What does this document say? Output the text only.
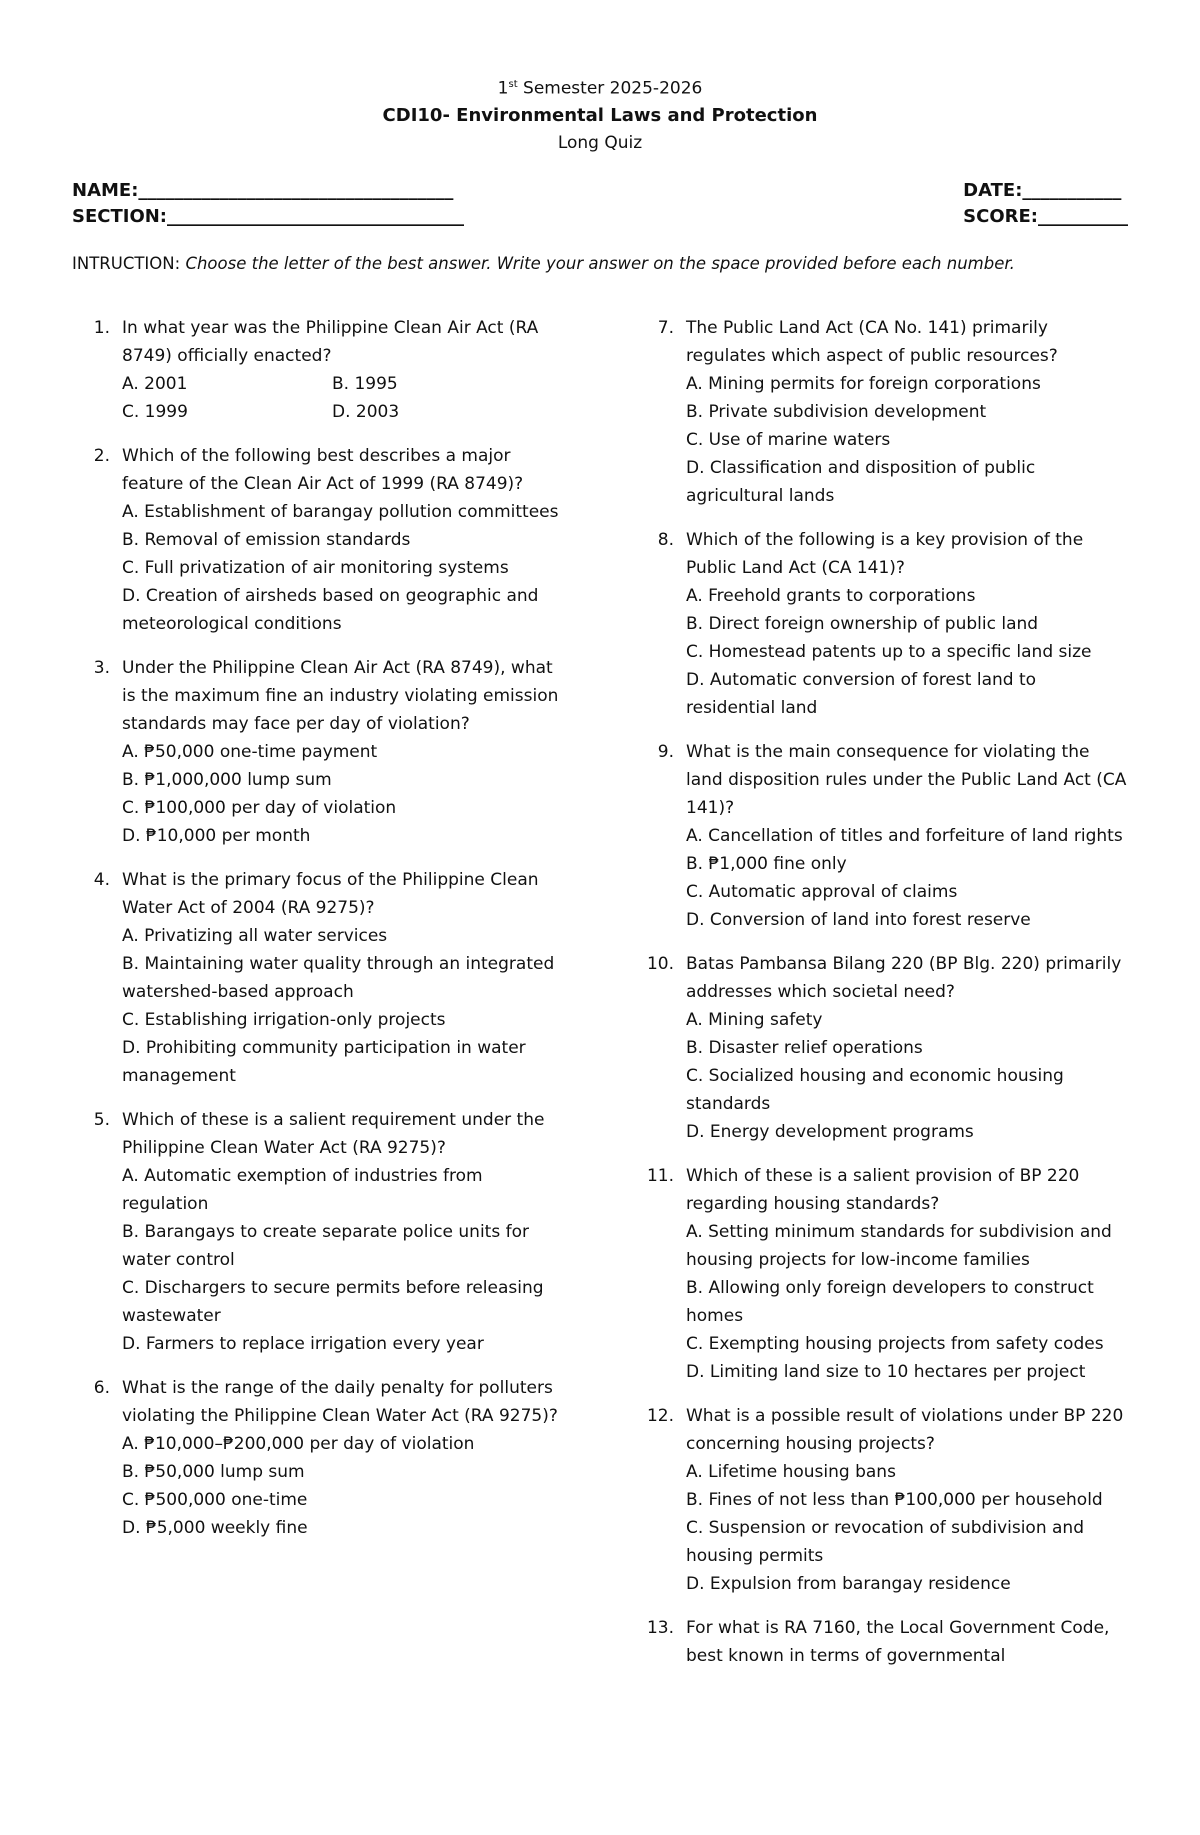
1st Semester 2025-2026
CDI10- Environmental Laws and Protection
Long Quiz
NAME:___________________________________
SECTION:_________________________________
DATE:___________
SCORE:__________
INTRUCTION: Choose the letter of the best answer. Write your answer on the space provided before each number.
1. In what year was the Philippine Clean Air Act (RA 8749) officially enacted?
A. 2001	B. 1995
C. 1999	D. 2003
2. Which of the following best describes a major feature of the Clean Air Act of 1999 (RA 8749)?
A. Establishment of barangay pollution committees
B. Removal of emission standards
C. Full privatization of air monitoring systems
D. Creation of airsheds based on geographic and meteorological conditions
3. Under the Philippine Clean Air Act (RA 8749), what is the maximum fine an industry violating emission standards may face per day of violation?
A. ₱50,000 one-time payment
B. ₱1,000,000 lump sum
C. ₱100,000 per day of violation
D. ₱10,000 per month
4. What is the primary focus of the Philippine Clean Water Act of 2004 (RA 9275)?
A. Privatizing all water services
B. Maintaining water quality through an integrated watershed-based approach
C. Establishing irrigation-only projects
D. Prohibiting community participation in water management
5. Which of these is a salient requirement under the Philippine Clean Water Act (RA 9275)?
A. Automatic exemption of industries from regulation
B. Barangays to create separate police units for water control
C. Dischargers to secure permits before releasing wastewater
D. Farmers to replace irrigation every year
6. What is the range of the daily penalty for polluters violating the Philippine Clean Water Act (RA 9275)?
A. ₱10,000–₱200,000 per day of violation
B. ₱50,000 lump sum
C. ₱500,000 one-time
D. ₱5,000 weekly fine
7. The Public Land Act (CA No. 141) primarily regulates which aspect of public resources?
A. Mining permits for foreign corporations
B. Private subdivision development
C. Use of marine waters
D. Classification and disposition of public agricultural lands
8. Which of the following is a key provision of the Public Land Act (CA 141)?
A. Freehold grants to corporations
B. Direct foreign ownership of public land
C. Homestead patents up to a specific land size
D. Automatic conversion of forest land to residential land
9. What is the main consequence for violating the land disposition rules under the Public Land Act (CA 141)?
A. Cancellation of titles and forfeiture of land rights
B. ₱1,000 fine only
C. Automatic approval of claims
D. Conversion of land into forest reserve
10. Batas Pambansa Bilang 220 (BP Blg. 220) primarily addresses which societal need?
A. Mining safety
B. Disaster relief operations
C. Socialized housing and economic housing standards
D. Energy development programs
11. Which of these is a salient provision of BP 220 regarding housing standards?
A. Setting minimum standards for subdivision and housing projects for low-income families
B. Allowing only foreign developers to construct homes
C. Exempting housing projects from safety codes
D. Limiting land size to 10 hectares per project
12. What is a possible result of violations under BP 220 concerning housing projects?
A. Lifetime housing bans
B. Fines of not less than ₱100,000 per household
C. Suspension or revocation of subdivision and housing permits
D. Expulsion from barangay residence
13. For what is RA 7160, the Local Government Code, best known in terms of governmental
